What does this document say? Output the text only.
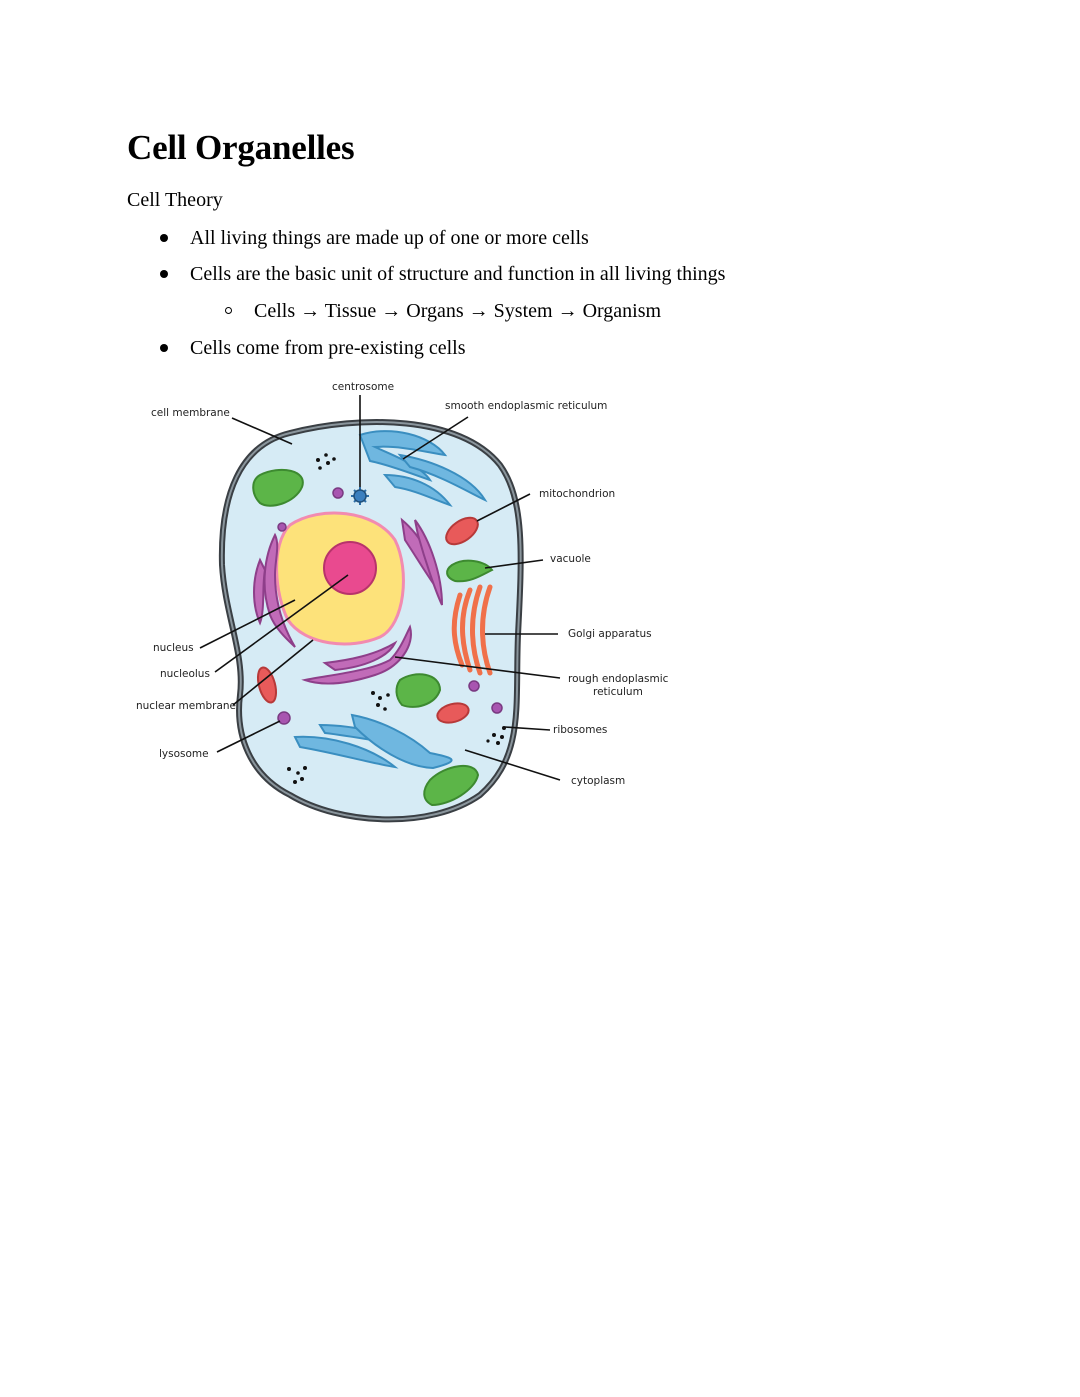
Cell Organelles
Cell Theory
All living things are made up of one or more cells
Cells are the basic unit of structure and function in all living things
Cells → Tissue → Organs → System → Organism
Cells come from pre-existing cells
centrosome
cell membrane
smooth endoplasmic reticulum
mitochondrion
vacuole
Golgi apparatus
rough endoplasmic
reticulum
ribosomes
cytoplasm
nucleus
nucleolus
nuclear membrane
lysosome
